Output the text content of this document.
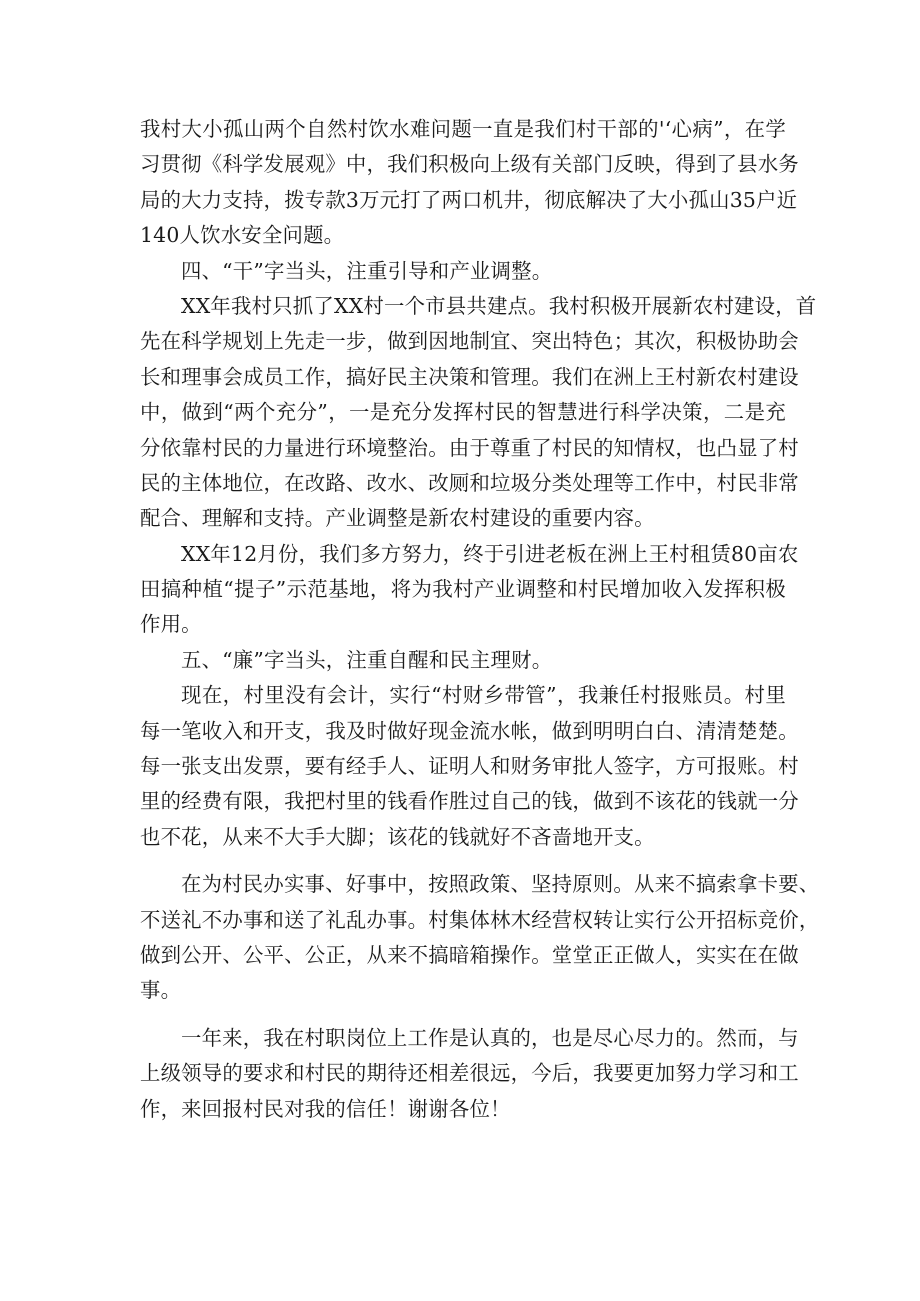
我村大小孤山两个自然村饮水难问题一直是我们村干部的'‘心病”，在学
习贯彻《科学发展观》中，我们积极向上级有关部门反映，得到了县水务
局的大力支持，拨专款3万元打了两口机井，彻底解决了大小孤山35户近
140人饮水安全问题。
四、“干”字当头，注重引导和产业调整。
XX年我村只抓了XX村一个市县共建点。我村积极开展新农村建设，首
先在科学规划上先走一步，做到因地制宜、突出特色；其次，积极协助会
长和理事会成员工作，搞好民主决策和管理。我们在洲上王村新农村建设
中，做到“两个充分”，一是充分发挥村民的智慧进行科学决策，二是充
分依靠村民的力量进行环境整治。由于尊重了村民的知情权，也凸显了村
民的主体地位，在改路、改水、改厕和垃圾分类处理等工作中，村民非常
配合、理解和支持。产业调整是新农村建设的重要内容。
XX年12月份，我们多方努力，终于引进老板在洲上王村租赁80亩农
田搞种植“提子”示范基地，将为我村产业调整和村民增加收入发挥积极
作用。
五、“廉”字当头，注重自醒和民主理财。
现在，村里没有会计，实行“村财乡带管”，我兼任村报账员。村里
每一笔收入和开支，我及时做好现金流水帐，做到明明白白、清清楚楚。
每一张支出发票，要有经手人、证明人和财务审批人签字，方可报账。村
里的经费有限，我把村里的钱看作胜过自己的钱，做到不该花的钱就一分
也不花，从来不大手大脚；该花的钱就好不吝啬地开支。
在为村民办实事、好事中，按照政策、坚持原则。从来不搞索拿卡要、
不送礼不办事和送了礼乱办事。村集体林木经营权转让实行公开招标竞价，
做到公开、公平、公正，从来不搞暗箱操作。堂堂正正做人，实实在在做
事。
一年来，我在村职岗位上工作是认真的，也是尽心尽力的。然而，与
上级领导的要求和村民的期待还相差很远，今后，我要更加努力学习和工
作，来回报村民对我的信任！谢谢各位！
